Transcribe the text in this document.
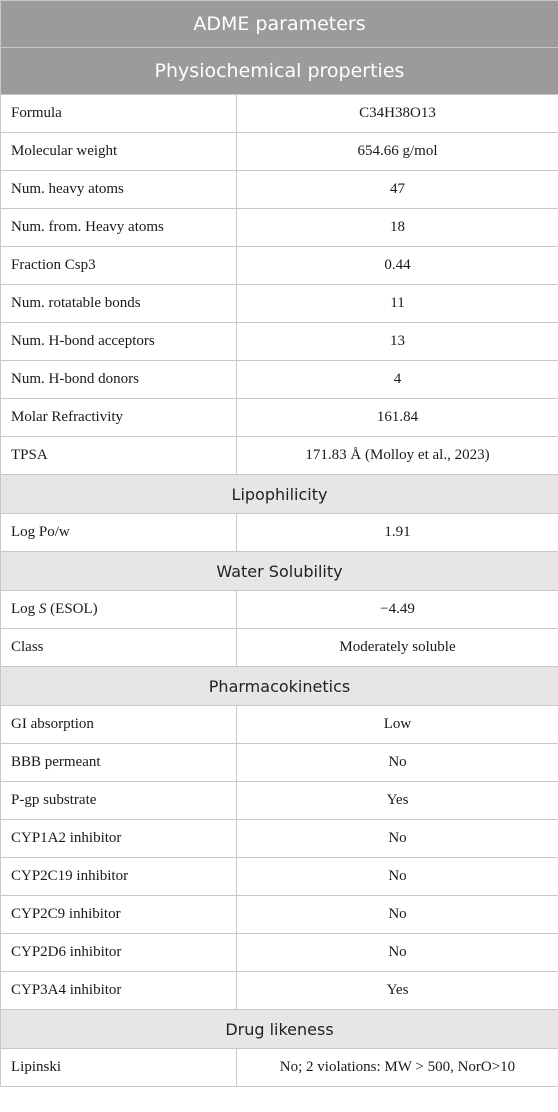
ADME parameters	
Physiochemical properties	
Formula	C34H38O13
Molecular weight	654.66 g/mol
Num. heavy atoms	47
Num. from. Heavy atoms	18
Fraction Csp3	0.44
Num. rotatable bonds	11
Num. H-bond acceptors	13
Num. H-bond donors	4
Molar Refractivity	161.84
TPSA	171.83 Å (Molloy et al., 2023)
Lipophilicity	
Log Po/w	1.91
Water Solubility	
Log S (ESOL)	−4.49
Class	Moderately soluble
Pharmacokinetics	
GI absorption	Low
BBB permeant	No
P-gp substrate	Yes
CYP1A2 inhibitor	No
CYP2C19 inhibitor	No
CYP2C9 inhibitor	No
CYP2D6 inhibitor	No
CYP3A4 inhibitor	Yes
Drug likeness	
Lipinski	No; 2 violations: MW > 500, NorO>10
